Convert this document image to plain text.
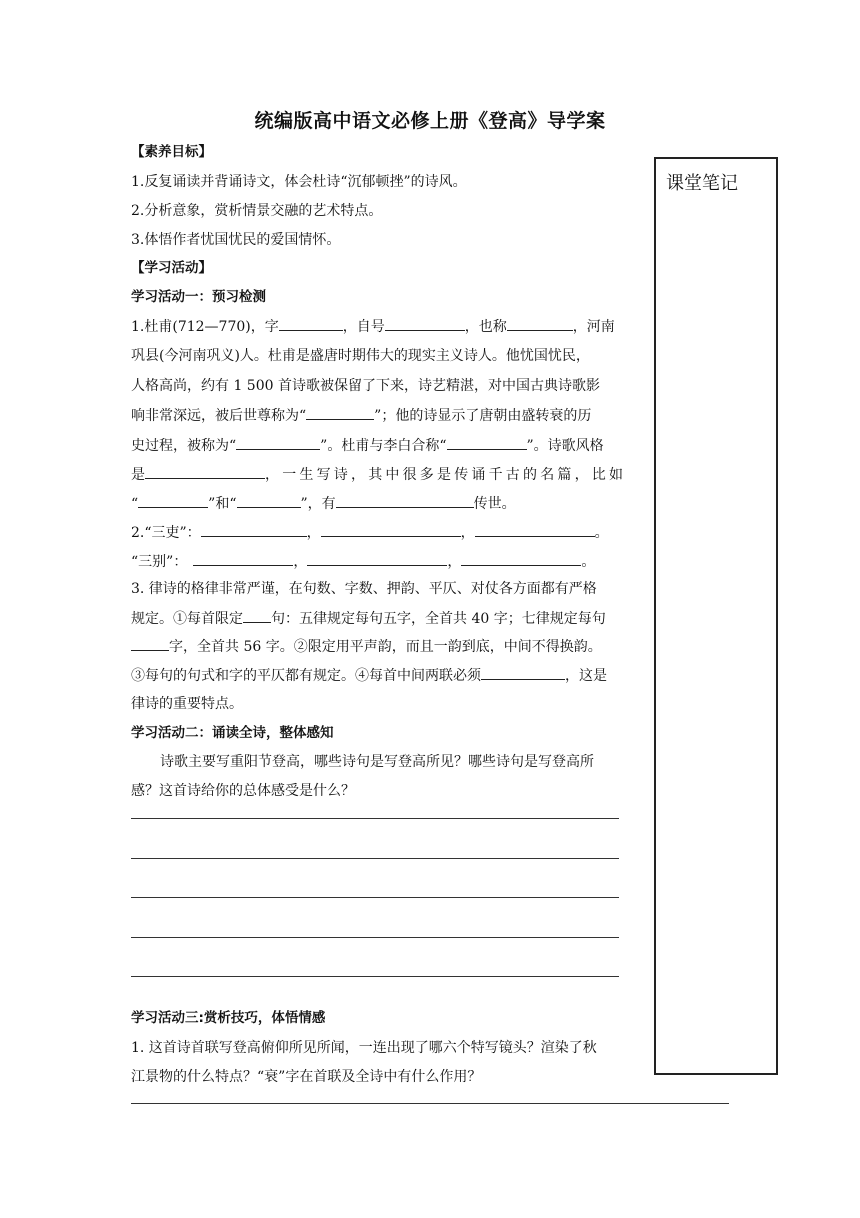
统编版高中语文必修上册《登高》导学案
课堂笔记
【素养目标】
1.反复诵读并背诵诗文，体会杜诗“沉郁顿挫”的诗风。
2.分析意象，赏析情景交融的艺术特点。
3.体悟作者忧国忧民的爱国情怀。
【学习活动】
学习活动一：预习检测
1.杜甫(712—770)，字	，自号	，也称	，河南
巩县(今河南巩义)人。杜甫是盛唐时期伟大的现实主义诗人。他忧国忧民，
人格高尚，约有 1 500 首诗歌被保留了下来，诗艺精湛，对中国古典诗歌影
响非常深远，被后世尊称为“	”；他的诗显示了唐朝由盛转衰的历
史过程，被称为“	”。杜甫与李白合称“	”。诗歌风格
是	，一生写诗，其中很多是传诵千古的名篇，比如
“	”和“	”，有	传世。
2.“三吏”：	，	，	。
“三别”：	，	，	。
3. 律诗的格律非常严谨，在句数、字数、押韵、平仄、对仗各方面都有严格
规定。①每首限定 句：五律规定每句五字，全首共 40 字；七律规定每句
字，全首共 56 字。②限定用平声韵，而且一韵到底，中间不得换韵。
③每句的句式和字的平仄都有规定。④每首中间两联必须	，这是
律诗的重要特点。
学习活动二：诵读全诗，整体感知
诗歌主要写重阳节登高，哪些诗句是写登高所见？哪些诗句是写登高所
感？这首诗给你的总体感受是什么？
学习活动三:赏析技巧，体悟情感
1. 这首诗首联写登高俯仰所见所闻，一连出现了哪六个特写镜头？渲染了秋
江景物的什么特点？“衰”字在首联及全诗中有什么作用？
